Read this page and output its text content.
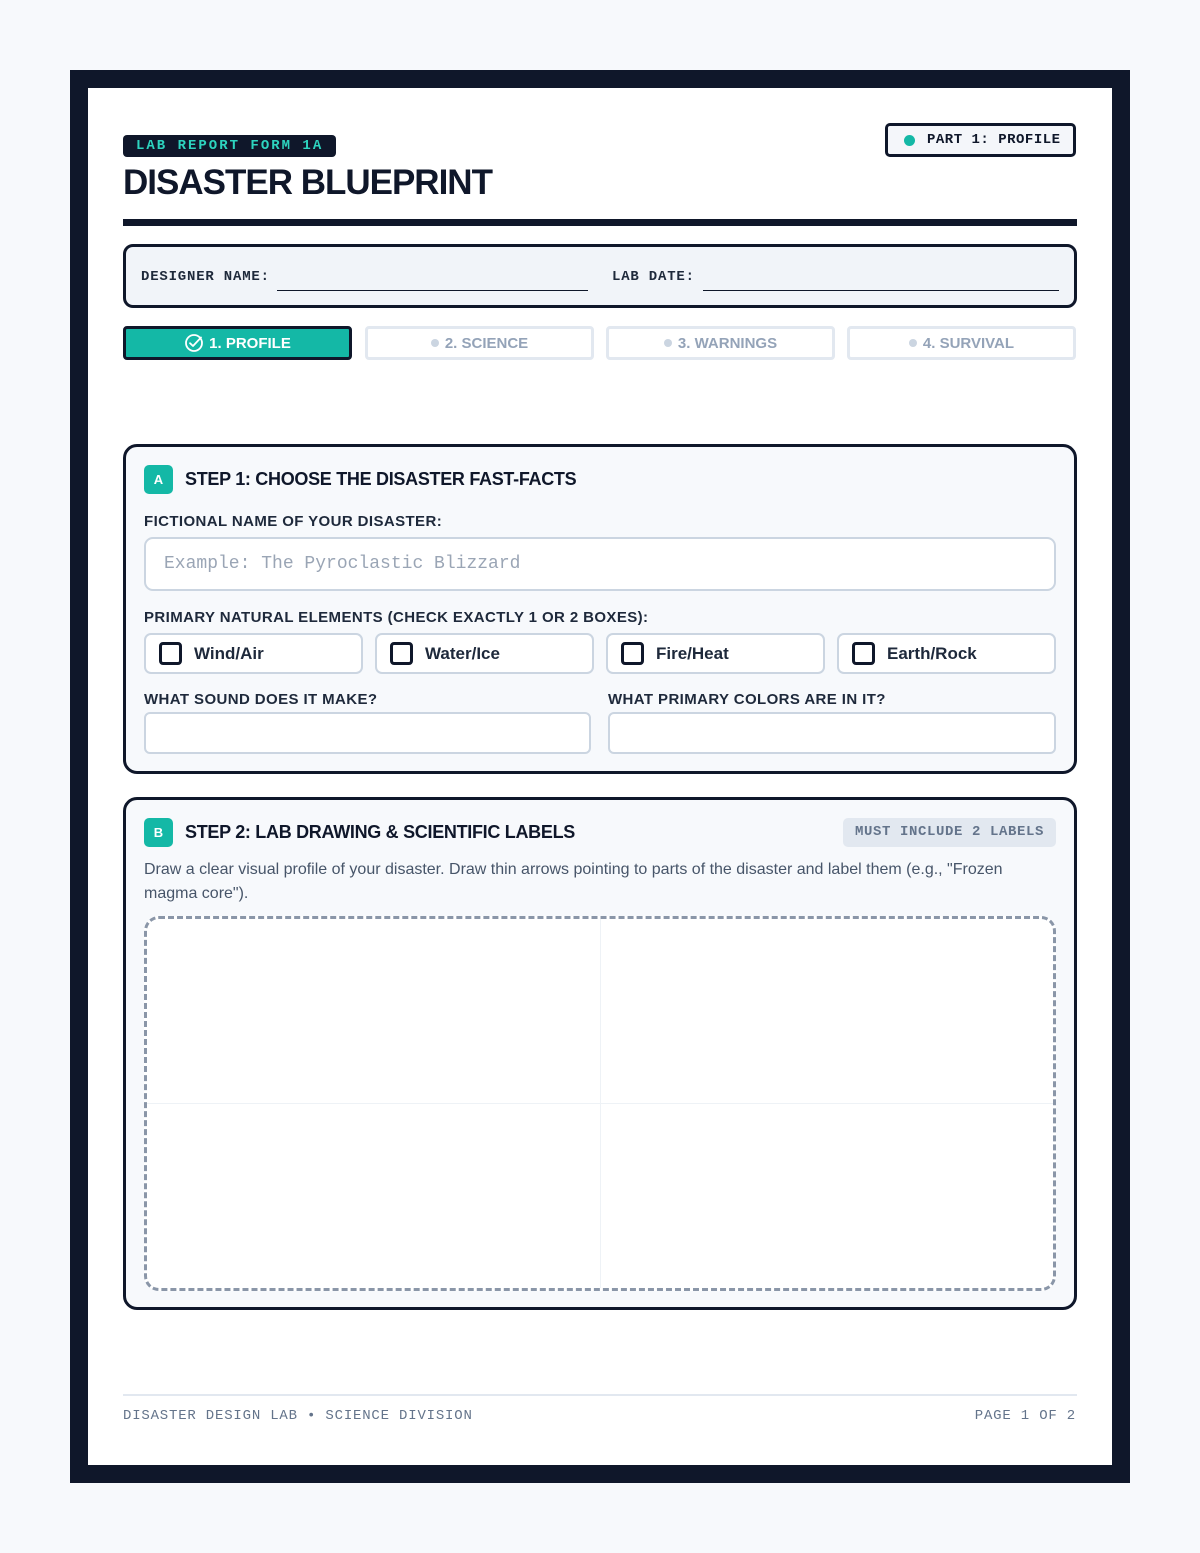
LAB REPORT FORM 1A	PART 1: PROFILE
DISASTER BLUEPRINT
DESIGNER NAME:	LAB DATE:
1. PROFILE	2. SCIENCE	3. WARNINGS	4. SURVIVAL
A	STEP 1: CHOOSE THE DISASTER FAST-FACTS
FICTIONAL NAME OF YOUR DISASTER:
Example: The Pyroclastic Blizzard
PRIMARY NATURAL ELEMENTS (CHECK EXACTLY 1 OR 2 BOXES):
Wind/Air	Water/Ice	Fire/Heat	Earth/Rock
WHAT SOUND DOES IT MAKE?	WHAT PRIMARY COLORS ARE IN IT?
B	STEP 2: LAB DRAWING & SCIENTIFIC LABELS	MUST INCLUDE 2 LABELS

Draw a clear visual profile of your disaster. Draw thin arrows pointing to parts of the disaster and label them (e.g., "Frozen magma core").

DISASTER DESIGN LAB • SCIENCE DIVISION	PAGE 1 OF 2
